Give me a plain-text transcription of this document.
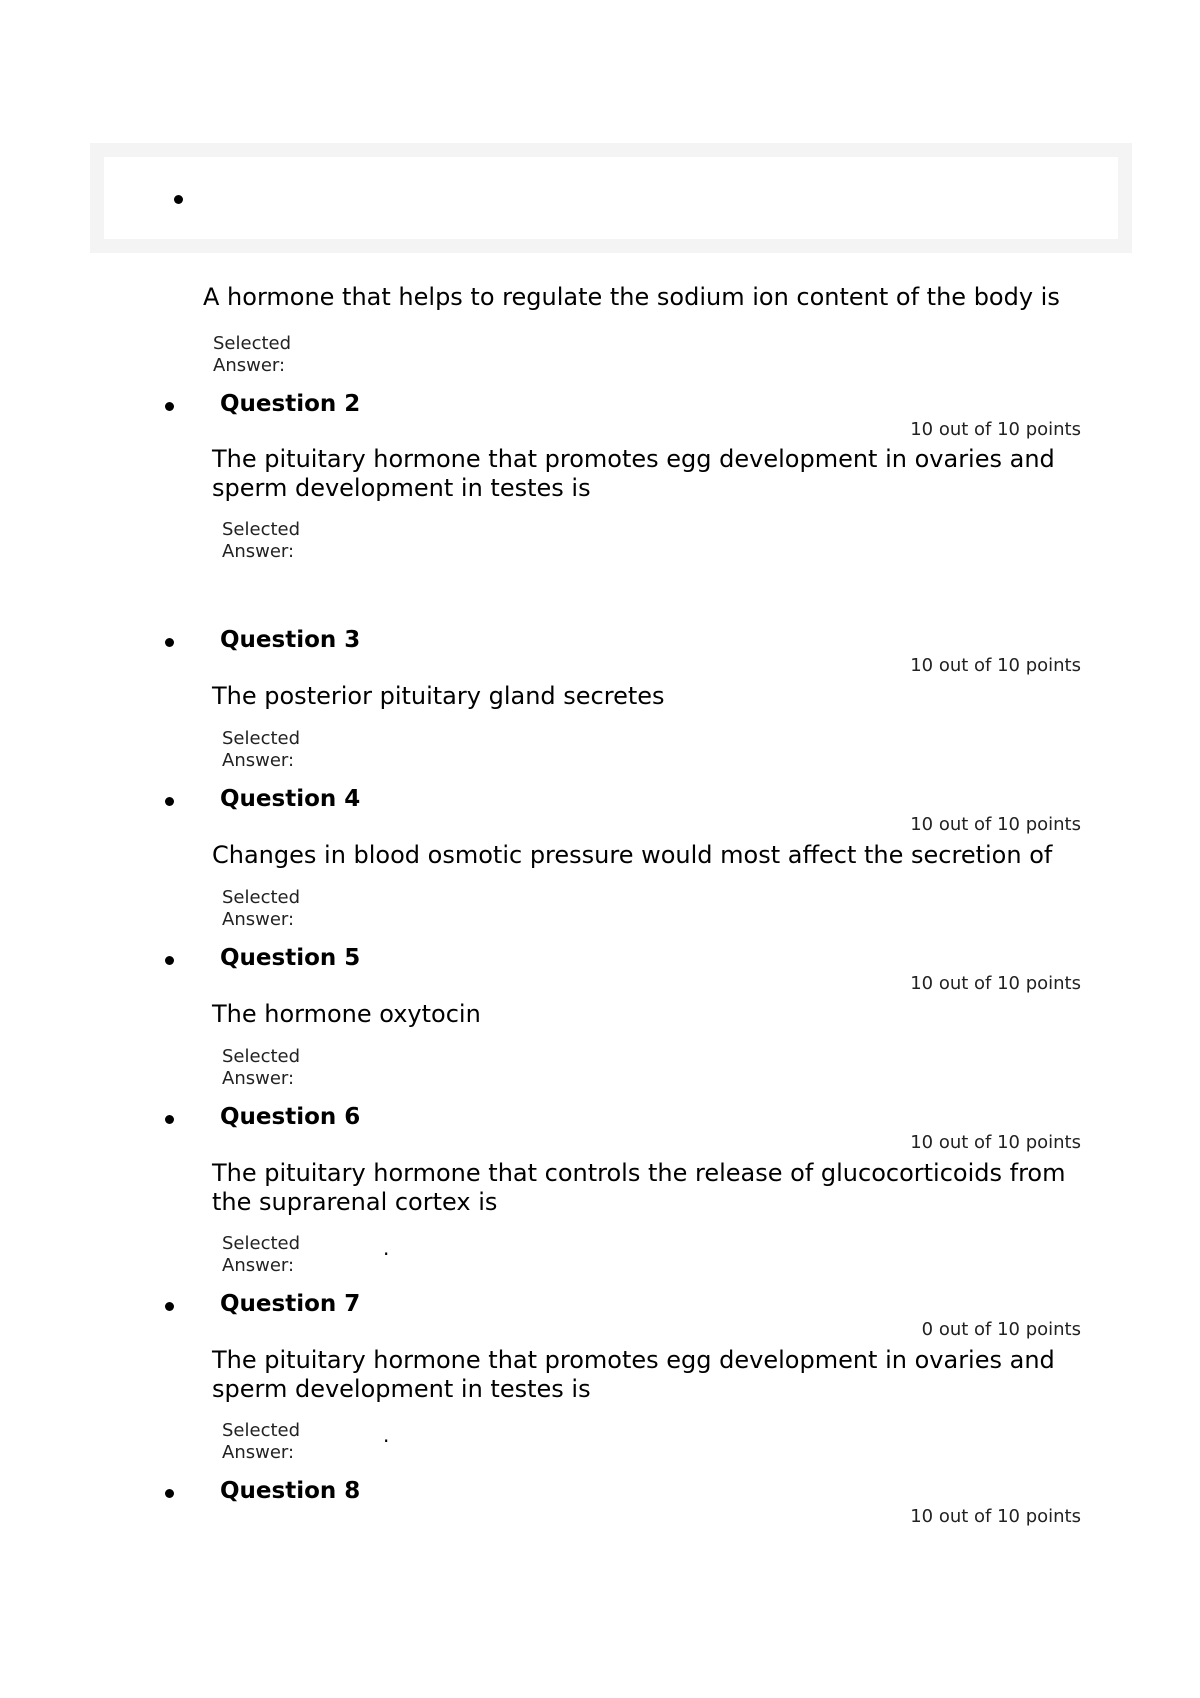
A hormone that helps to regulate the sodium ion content of the body is
Selected Answer:
Question 2
10 out of 10 points
The pituitary hormone that promotes egg development in ovaries and sperm development in testes is
Selected Answer:
Question 3
10 out of 10 points
The posterior pituitary gland secretes
Selected Answer:
Question 4
10 out of 10 points
Changes in blood osmotic pressure would most affect the secretion of
Selected Answer:
Question 5
10 out of 10 points
The hormone oxytocin
Selected Answer:
Question 6
10 out of 10 points
The pituitary hormone that controls the release of glucocorticoids from the suprarenal cortex is
Selected Answer:
.
Question 7
0 out of 10 points
The pituitary hormone that promotes egg development in ovaries and sperm development in testes is
Selected Answer:
.
Question 8
10 out of 10 points
